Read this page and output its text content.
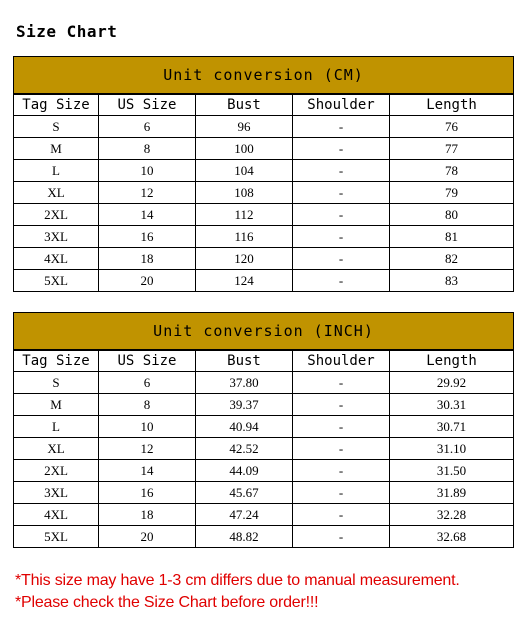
Size Chart
Unit conversion (CM)				
Tag Size	US Size	Bust	Shoulder	Length
S	6	96	-	76
M	8	100	-	77
L	10	104	-	78
XL	12	108	-	79
2XL	14	112	-	80
3XL	16	116	-	81
4XL	18	120	-	82
5XL	20	124	-	83
Unit conversion (INCH)				
Tag Size	US Size	Bust	Shoulder	Length
S	6	37.80	-	29.92
M	8	39.37	-	30.31
L	10	40.94	-	30.71
XL	12	42.52	-	31.10
2XL	14	44.09	-	31.50
3XL	16	45.67	-	31.89
4XL	18	47.24	-	32.28
5XL	20	48.82	-	32.68
*This size may have 1-3 cm differs due to manual measurement.
*Please check the Size Chart before order!!!
